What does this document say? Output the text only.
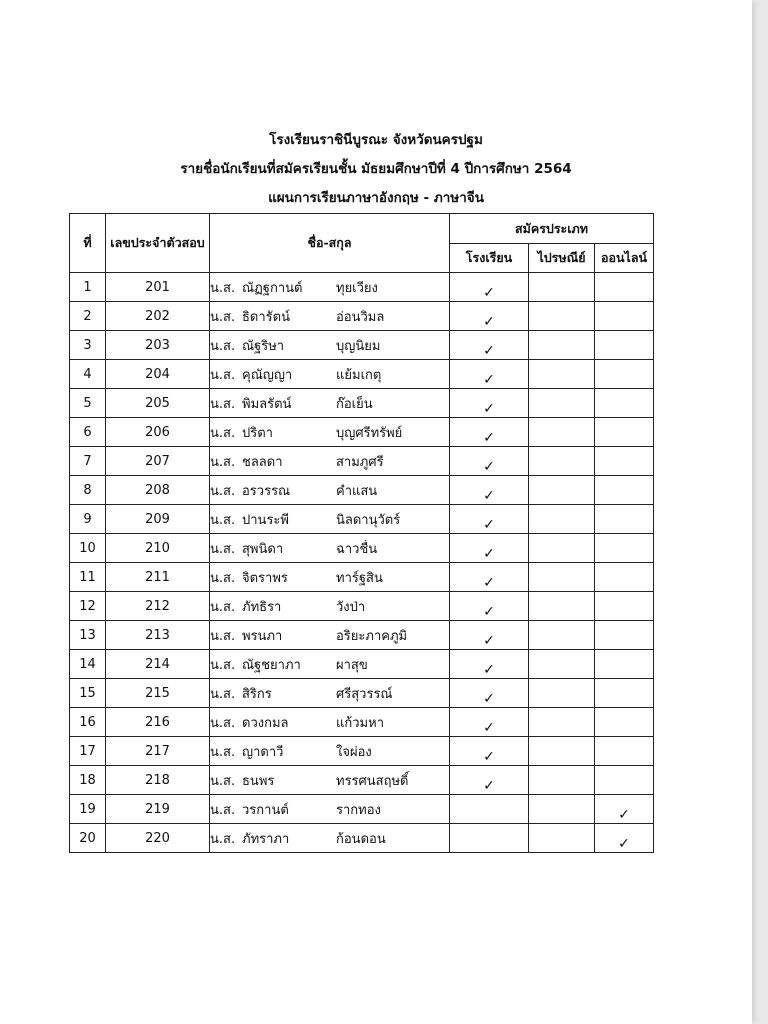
โรงเรียนราชินีบูรณะ จังหวัดนครปฐม
รายชื่อนักเรียนที่สมัครเรียนชั้น มัธยมศึกษาปีที่ 4 ปีการศึกษา 2564
แผนการเรียนภาษาอังกฤษ - ภาษาจีน
ที่	เลขประจำตัวสอบ	ชื่อ-สกุล	สมัครประเภท		
			โรงเรียน	ไปรษณีย์	ออนไลน์
1	201	น.ส. ณัฏฐกานต์ ทุยเวียง	✓		
2	202	น.ส. ธิดารัตน์ อ่อนวิมล	✓		
3	203	น.ส. ณัฐริษา บุญนิยม	✓		
4	204	น.ส. คุณัญญา แย้มเกตุ	✓		
5	205	น.ส. พิมลรัตน์ ก๊อเย็น	✓		
6	206	น.ส. ปริตา บุญศรีทรัพย์	✓		
7	207	น.ส. ชลลดา สามภูศรี	✓		
8	208	น.ส. อรวรรณ คำแสน	✓		
9	209	น.ส. ปานระพี นิลดานุวัตร์	✓		
10	210	น.ส. สุพนิดา ฉาวชื่น	✓		
11	211	น.ส. จิตราพร ทาร์ฐสิน	✓		
12	212	น.ส. ภัทธิรา วังป่า	✓		
13	213	น.ส. พรนภา อริยะภาคภูมิ	✓		
14	214	น.ส. ณัฐชยาภา ผาสุข	✓		
15	215	น.ส. สิริกร ศรีสุวรรณ์	✓		
16	216	น.ส. ดวงกมล แก้วมหา	✓		
17	217	น.ส. ญาดาวี ใจผ่อง	✓		
18	218	น.ส. ธนพร ทรรศนสฤษดิ์	✓		
19	219	น.ส. วรกานต์ รากทอง			✓
20	220	น.ส. ภัทราภา ก้อนดอน			✓
